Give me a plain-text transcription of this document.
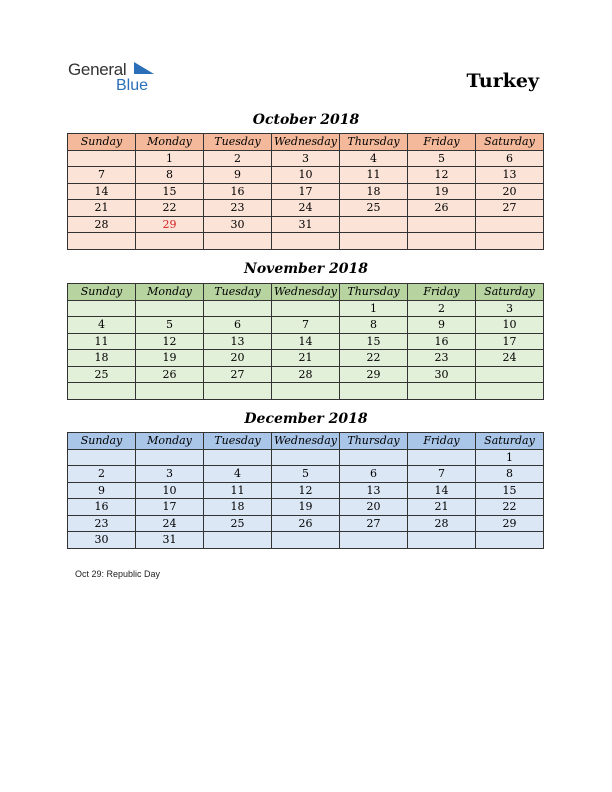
General
Blue	Turkey
October 2018
Sunday	Monday	Tuesday	Wednesday	Thursday	Friday	Saturday
	1	2	3	4	5	6
7	8	9	10	11	12	13
14	15	16	17	18	19	20
21	22	23	24	25	26	27
28	29	30	31			

November 2018
Sunday	Monday	Tuesday	Wednesday	Thursday	Friday	Saturday
				1	2	3
4	5	6	7	8	9	10
11	12	13	14	15	16	17
18	19	20	21	22	23	24
25	26	27	28	29	30	

December 2018
Sunday	Monday	Tuesday	Wednesday	Thursday	Friday	Saturday
						1
2	3	4	5	6	7	8
9	10	11	12	13	14	15
16	17	18	19	20	21	22
23	24	25	26	27	28	29
30	31					
Oct 29: Republic Day
